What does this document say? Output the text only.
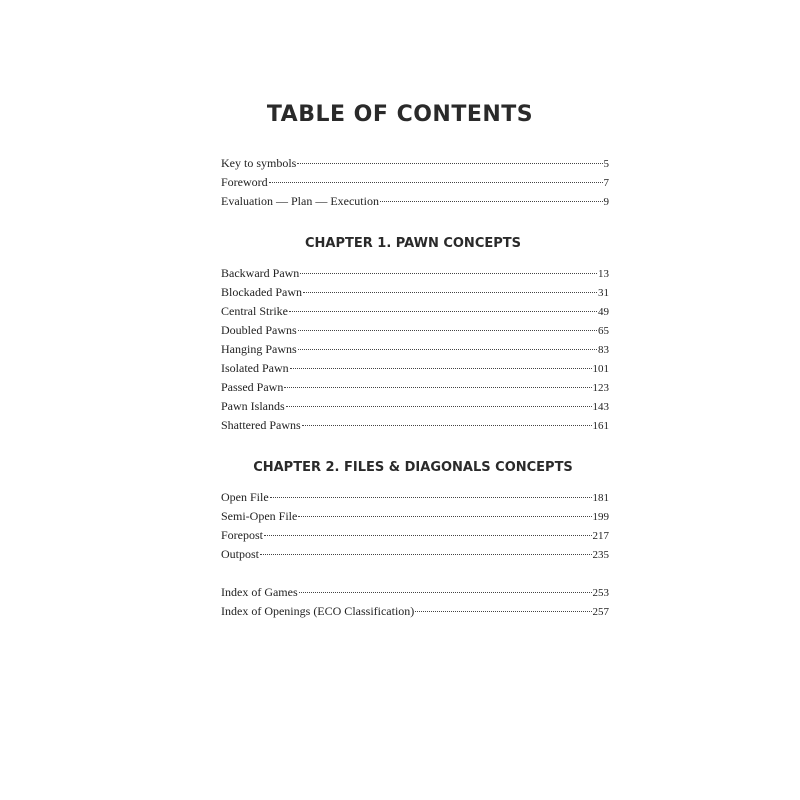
TABLE OF CONTENTS
Key to symbols	5
Foreword	7
Evaluation — Plan — Execution	9
CHAPTER 1. PAWN CONCEPTS
Backward Pawn	13
Blockaded Pawn	31
Central Strike	49
Doubled Pawns	65
Hanging Pawns	83
Isolated Pawn	101
Passed Pawn	123
Pawn Islands	143
Shattered Pawns	161
CHAPTER 2. FILES & DIAGONALS CONCEPTS
Open File	181
Semi-Open File	199
Forepost	217
Outpost	235
Index of Games	253
Index of Openings (ECO Classification)	257
